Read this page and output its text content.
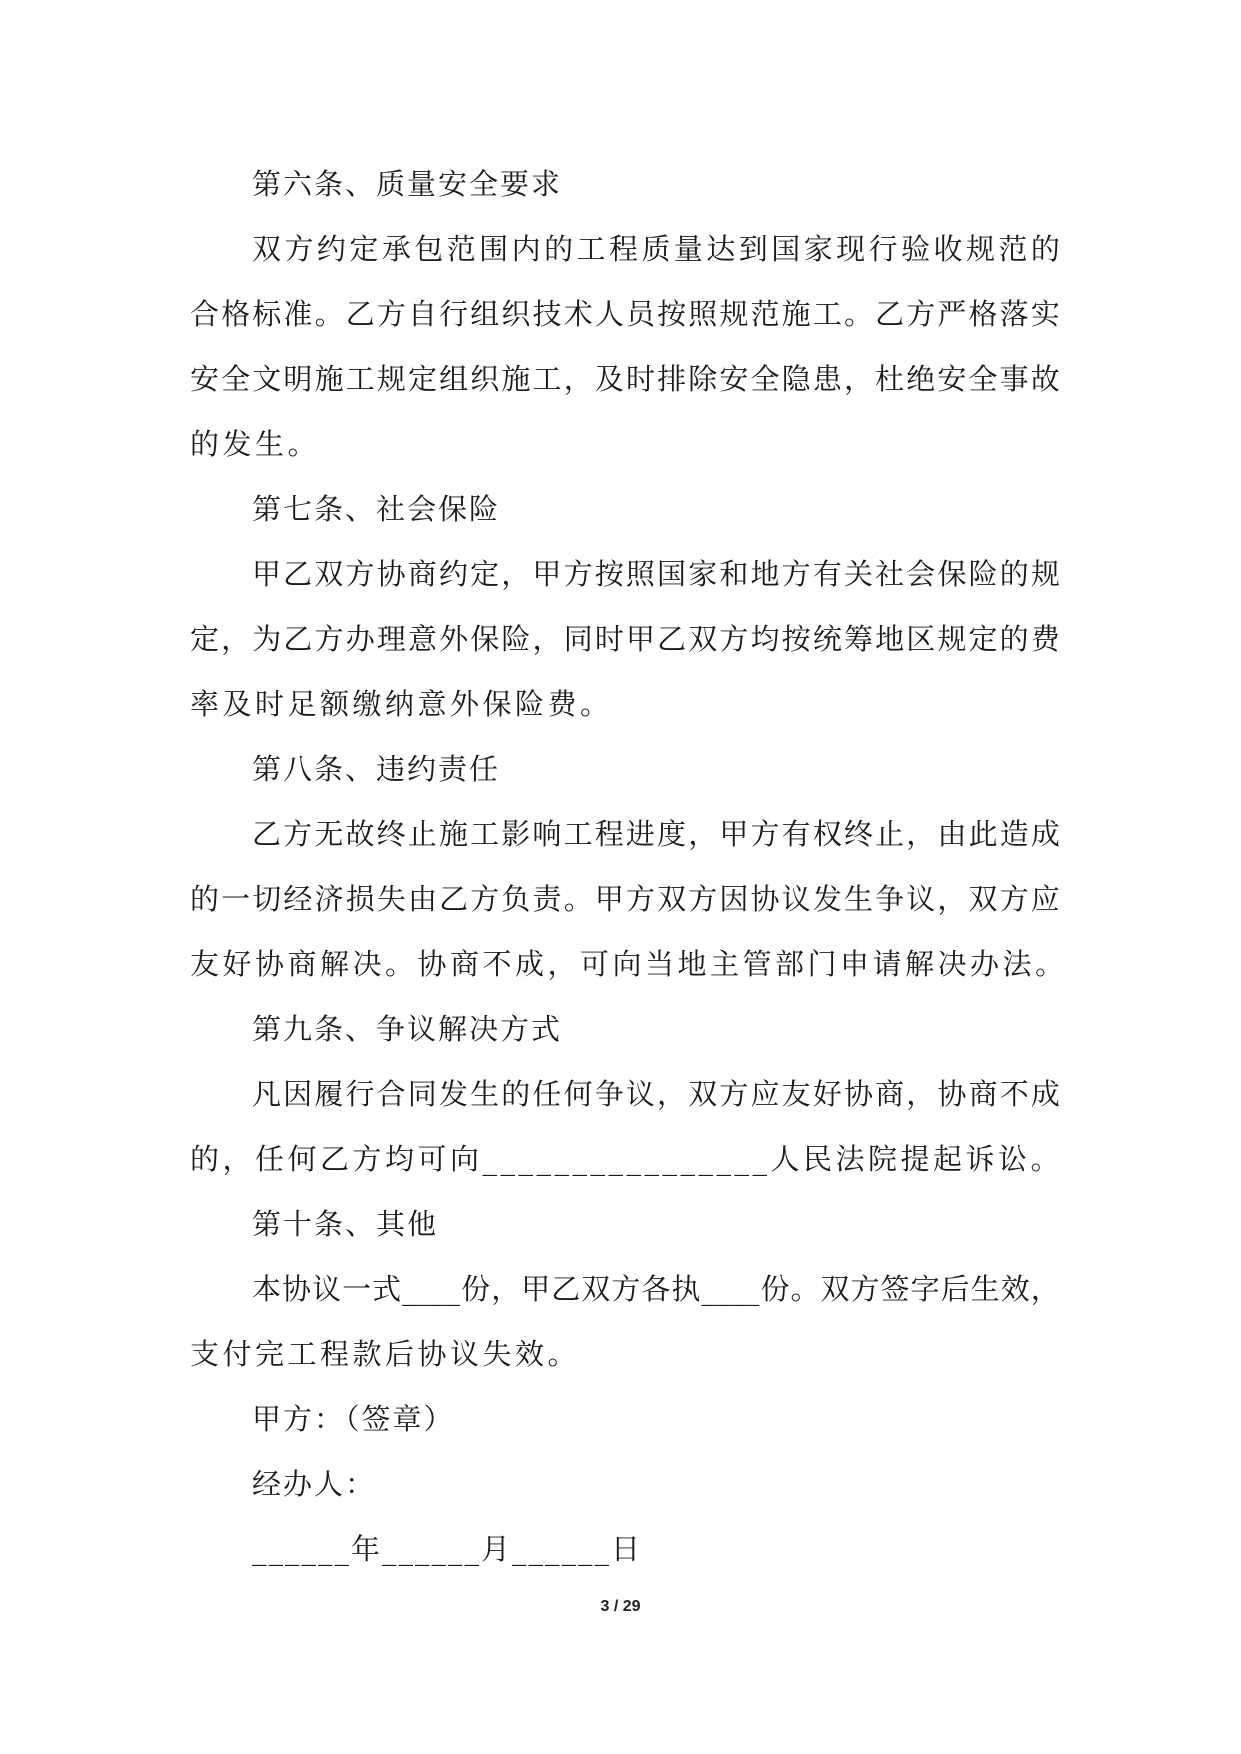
第六条、质量安全要求
双 方 约 定 承 包 范 围 内 的 工 程 质 量 达 到 国 家 现 行 验 收 规 范 的
合 格 标 准 。 乙 方 自 行 组 织 技 术 人 员 按 照 规 范 施 工 。 乙 方 严 格 落 实
安 全 文 明 施 工 规 定 组 织 施 工 ， 及 时 排 除 安 全 隐 患 ， 杜 绝 安 全 事 故
的发生。
第七条、社会保险
甲 乙 双 方 协 商 约 定 ， 甲 方 按 照 国 家 和 地 方 有 关 社 会 保 险 的 规
定 ， 为 乙 方 办 理 意 外 保 险 ， 同 时 甲 乙 双 方 均 按 统 筹 地 区 规 定 的 费
率及时足额缴纳意外保险费。
第八条、违约责任
乙 方 无 故 终 止 施 工 影 响 工 程 进 度 ， 甲 方 有 权 终 止 ， 由 此 造 成
的 一 切 经 济 损 失 由 乙 方 负 责 。 甲 方 双 方 因 协 议 发 生 争 议 ， 双 方 应
友好协商解决。协商不成，可向当地主管部门申请解决办法。
第九条、争议解决方式
凡 因 履 行 合 同 发 生 的 任 何 争 议 ， 双 方 应 友 好 协 商 ， 协 商 不 成
的，任何乙方均可向________________人民法院提起诉讼。
第十条、其他
本 协 议 一 式 ____ 份 ， 甲 乙 双 方 各 执 ____ 份 。 双 方 签 字 后 生 效 ，
支付完工程款后协议失效。
甲方：（签章）
经办人：
______年______月______日
3 / 29
